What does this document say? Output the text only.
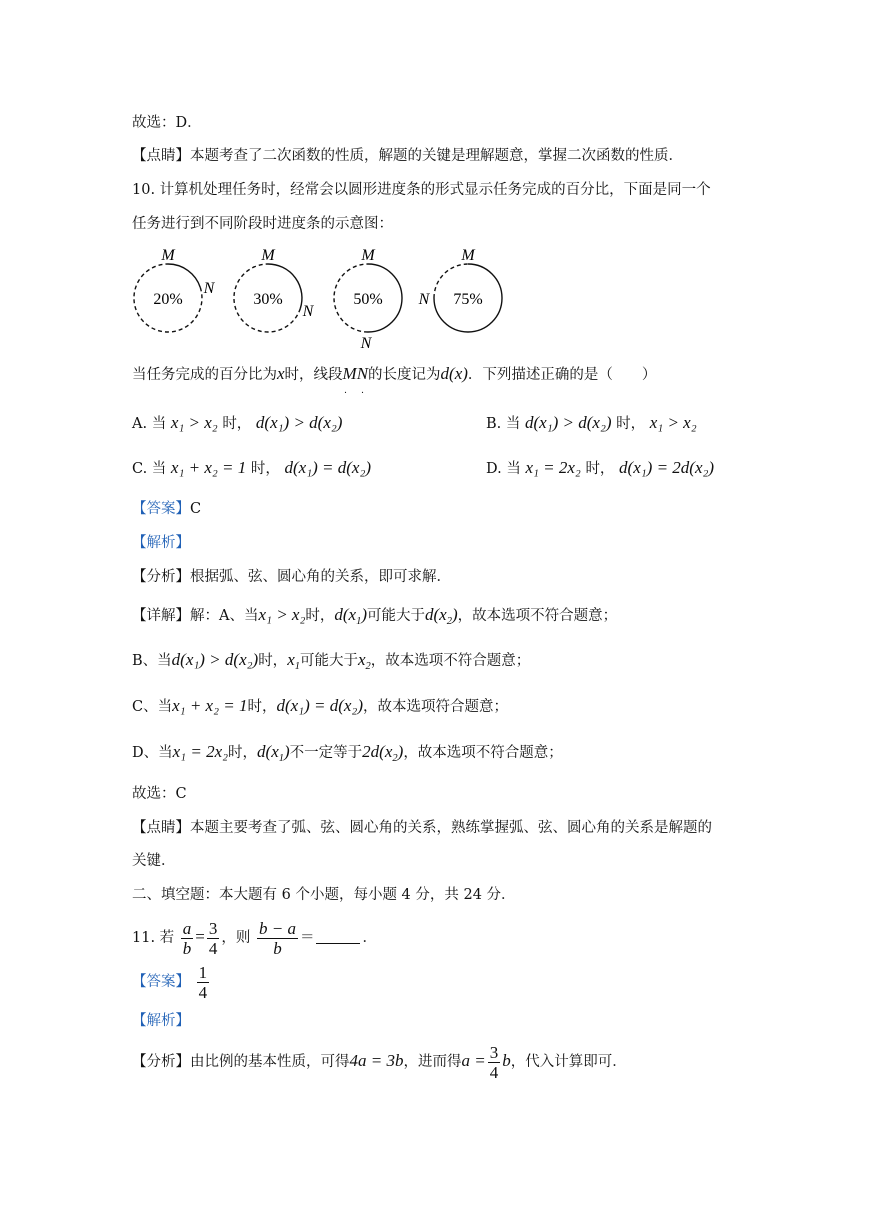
故选：D．
【点睛】本题考查了二次函数的性质，解题的关键是理解题意，掌握二次函数的性质．
10. 计算机处理任务时，经常会以圆形进度条的形式显示任务完成的百分比，下面是同一个
任务进行到不同阶段时进度条的示意图：
20%
M
N
30%
M
N
50%
M
N
75%
M
N
当任务完成的百分比为x时，线段MN . .的长度记为d(x)．下列描述正确的是（　　）
A. 当 x₁ > x₂ 时， d(x₁) > d(x₂)	B. 当 d(x₁) > d(x₂) 时， x₁ > x₂
C. 当 x₁ + x₂ = 1 时， d(x₁) = d(x₂)	D. 当 x₁ = 2x₂ 时， d(x₁) = 2d(x₂)
【答案】C
【解析】
【分析】根据弧、弦、圆心角的关系，即可求解．
【详解】解：A、当x₁ > x₂时，$d(x_1)$可能大于$d(x_2)$，故本选项不符合题意；
B、当d(x₁) > d(x₂)时，$x_1$可能大于$x_2$，故本选项不符合题意；
C、当x₁ + x₂ = 1时，d(x₁) = d(x₂)，故本选项符合题意；
D、当x₁ = 2x₂时，$d(x_1)$不一定等于$2d(x_2)$，故本选项不符合题意；
故选：C
【点睛】本题主要考查了弧、弦、圆心角的关系，熟练掌握弧、弦、圆心角的关系是解题的
关键．
二、填空题：本大题有 6 个小题，每小题 4 分，共 24 分．
11. 若 $\frac{a}{b} = \frac{3}{4}$ ，则 $\frac{b - a}{b}$ ＝	．
【答案】 $\frac{1}{4}$
【解析】
【分析】由比例的基本性质，可得4a = 3b，进而得$a = \frac{3}{4}$ b，代入计算即可．
